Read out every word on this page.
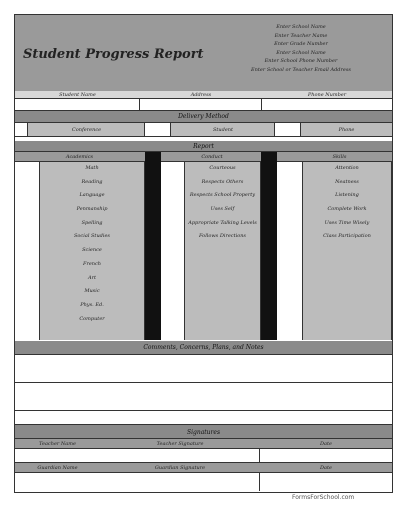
Student Progress Report
Enter School Name
Enter Teacher Name
Enter Grade Number
Enter School Name
Enter School Phone Number
Enter School or Teacher Email Address
Student Name	Address	Phone Number
Delivery Method
Conference	Student	Phone
Report
Academics	Conduct	Skills
Math	Courteous	Attention
Reading	Respects Others	Neatness
Language	Respects School Property	Listening
Penmanship	Uses Self	Complete Work
Spelling	Appropriate Talking Levels	Uses Time Wisely
Social Studies	Follows Directions	Class Participation
Science
French
Art
Music
Phys. Ed.
Computer
Comments, Concerns, Plans, and Notes
Signatures
Teacher Name	Teacher Signature	Date
Guardian Name	Guardian Signature	Date
FormsForSchool.com
